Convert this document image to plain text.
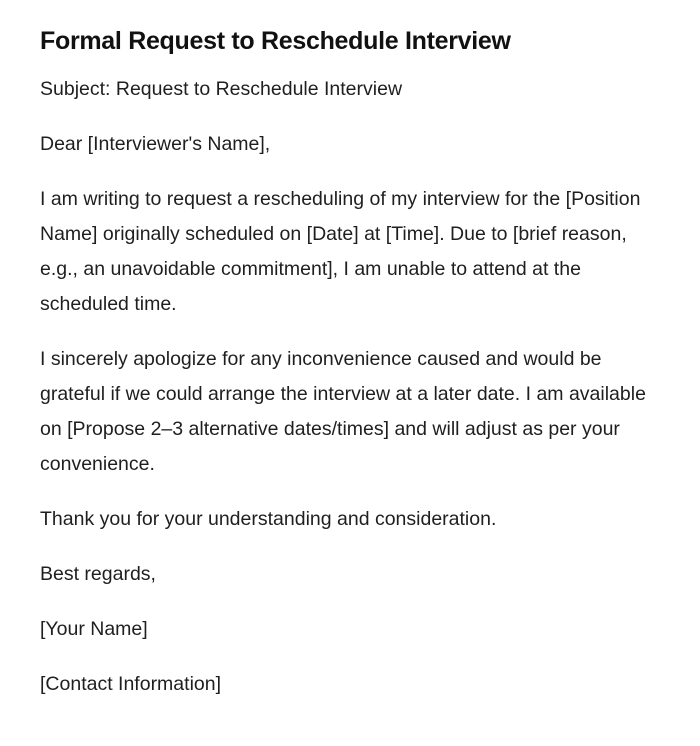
Formal Request to Reschedule Interview

Subject: Request to Reschedule Interview

Dear [Interviewer's Name],

I am writing to request a rescheduling of my interview for the [Position Name] originally scheduled on [Date] at [Time]. Due to [brief reason, e.g., an unavoidable commitment], I am unable to attend at the scheduled time.

I sincerely apologize for any inconvenience caused and would be grateful if we could arrange the interview at a later date. I am available on [Propose 2–3 alternative dates/times] and will adjust as per your convenience.

Thank you for your understanding and consideration.

Best regards,

[Your Name]

[Contact Information]
